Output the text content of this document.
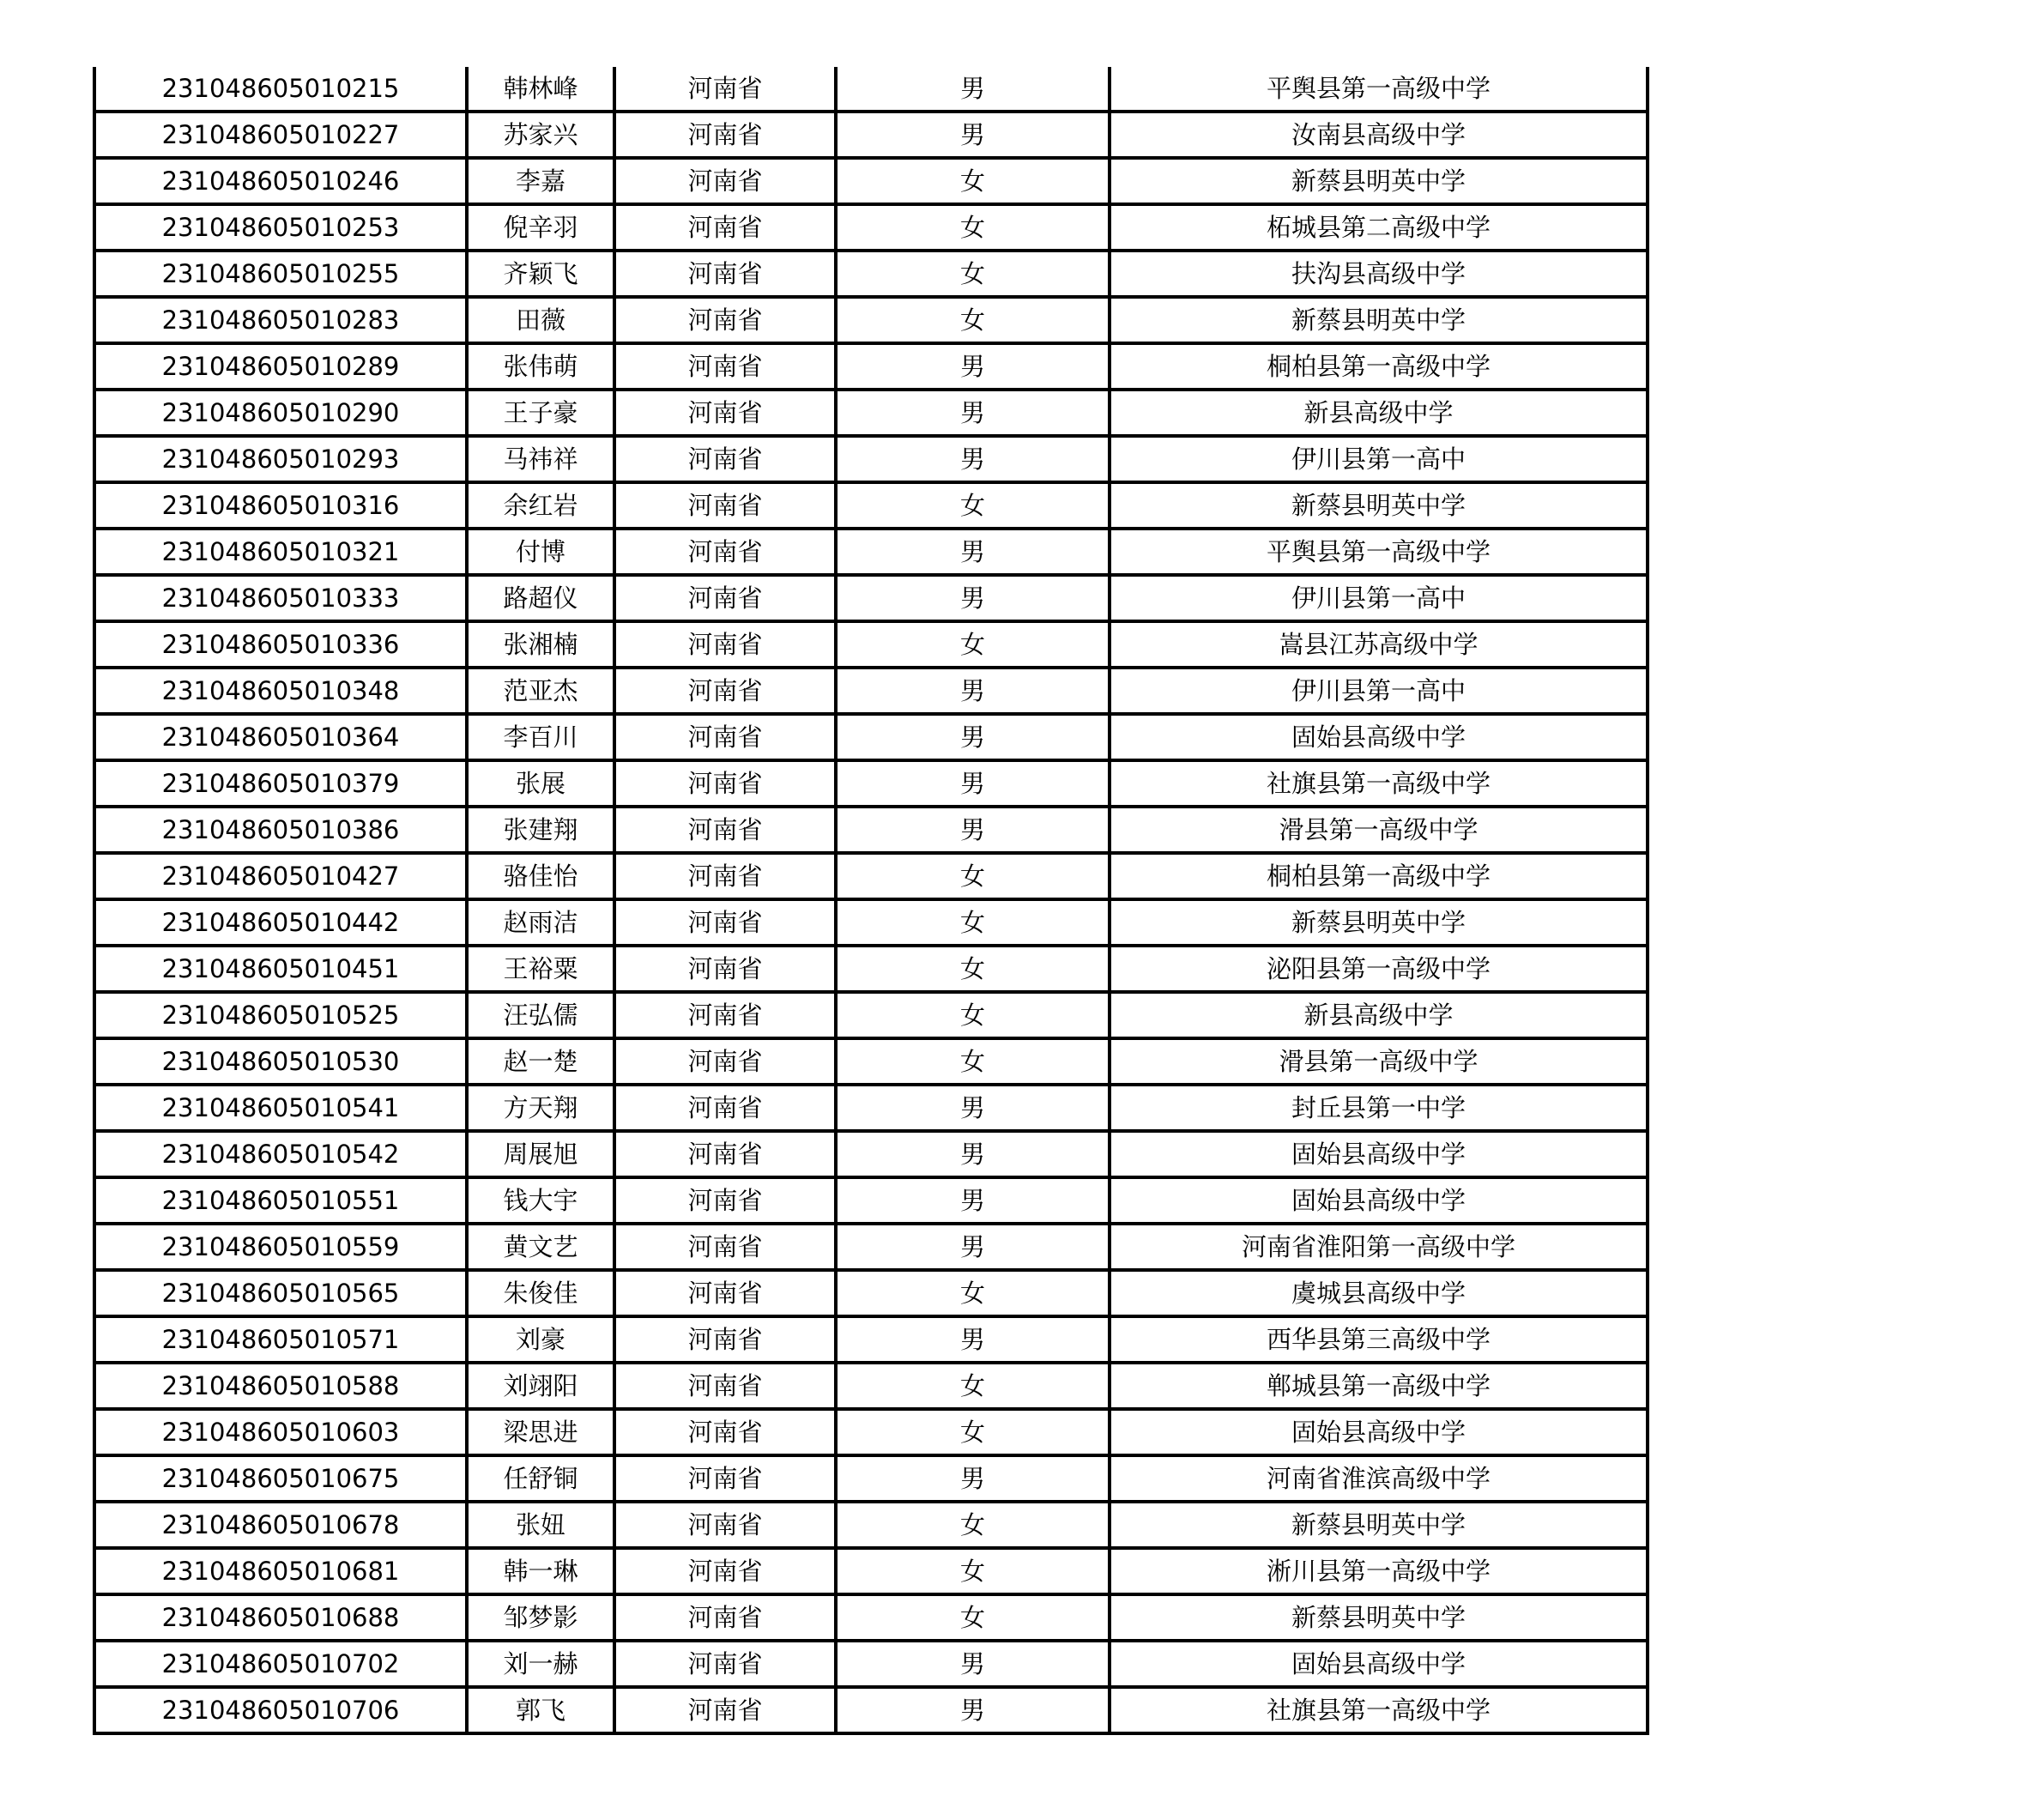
231048605010215	韩林峰	河南省	男	平舆县第一高级中学
231048605010227	苏家兴	河南省	男	汝南县高级中学
231048605010246	李嘉	河南省	女	新蔡县明英中学
231048605010253	倪辛羽	河南省	女	柘城县第二高级中学
231048605010255	齐颖飞	河南省	女	扶沟县高级中学
231048605010283	田薇	河南省	女	新蔡县明英中学
231048605010289	张伟萌	河南省	男	桐柏县第一高级中学
231048605010290	王子豪	河南省	男	新县高级中学
231048605010293	马祎祥	河南省	男	伊川县第一高中
231048605010316	余红岩	河南省	女	新蔡县明英中学
231048605010321	付博	河南省	男	平舆县第一高级中学
231048605010333	路超仪	河南省	男	伊川县第一高中
231048605010336	张湘楠	河南省	女	嵩县江苏高级中学
231048605010348	范亚杰	河南省	男	伊川县第一高中
231048605010364	李百川	河南省	男	固始县高级中学
231048605010379	张展	河南省	男	社旗县第一高级中学
231048605010386	张建翔	河南省	男	滑县第一高级中学
231048605010427	骆佳怡	河南省	女	桐柏县第一高级中学
231048605010442	赵雨洁	河南省	女	新蔡县明英中学
231048605010451	王裕粟	河南省	女	泌阳县第一高级中学
231048605010525	汪弘儒	河南省	女	新县高级中学
231048605010530	赵一楚	河南省	女	滑县第一高级中学
231048605010541	方天翔	河南省	男	封丘县第一中学
231048605010542	周展旭	河南省	男	固始县高级中学
231048605010551	钱大宇	河南省	男	固始县高级中学
231048605010559	黄文艺	河南省	男	河南省淮阳第一高级中学
231048605010565	朱俊佳	河南省	女	虞城县高级中学
231048605010571	刘豪	河南省	男	西华县第三高级中学
231048605010588	刘翊阳	河南省	女	郸城县第一高级中学
231048605010603	梁思进	河南省	女	固始县高级中学
231048605010675	任舒铜	河南省	男	河南省淮滨高级中学
231048605010678	张妞	河南省	女	新蔡县明英中学
231048605010681	韩一琳	河南省	女	淅川县第一高级中学
231048605010688	邹梦影	河南省	女	新蔡县明英中学
231048605010702	刘一赫	河南省	男	固始县高级中学
231048605010706	郭飞	河南省	男	社旗县第一高级中学
